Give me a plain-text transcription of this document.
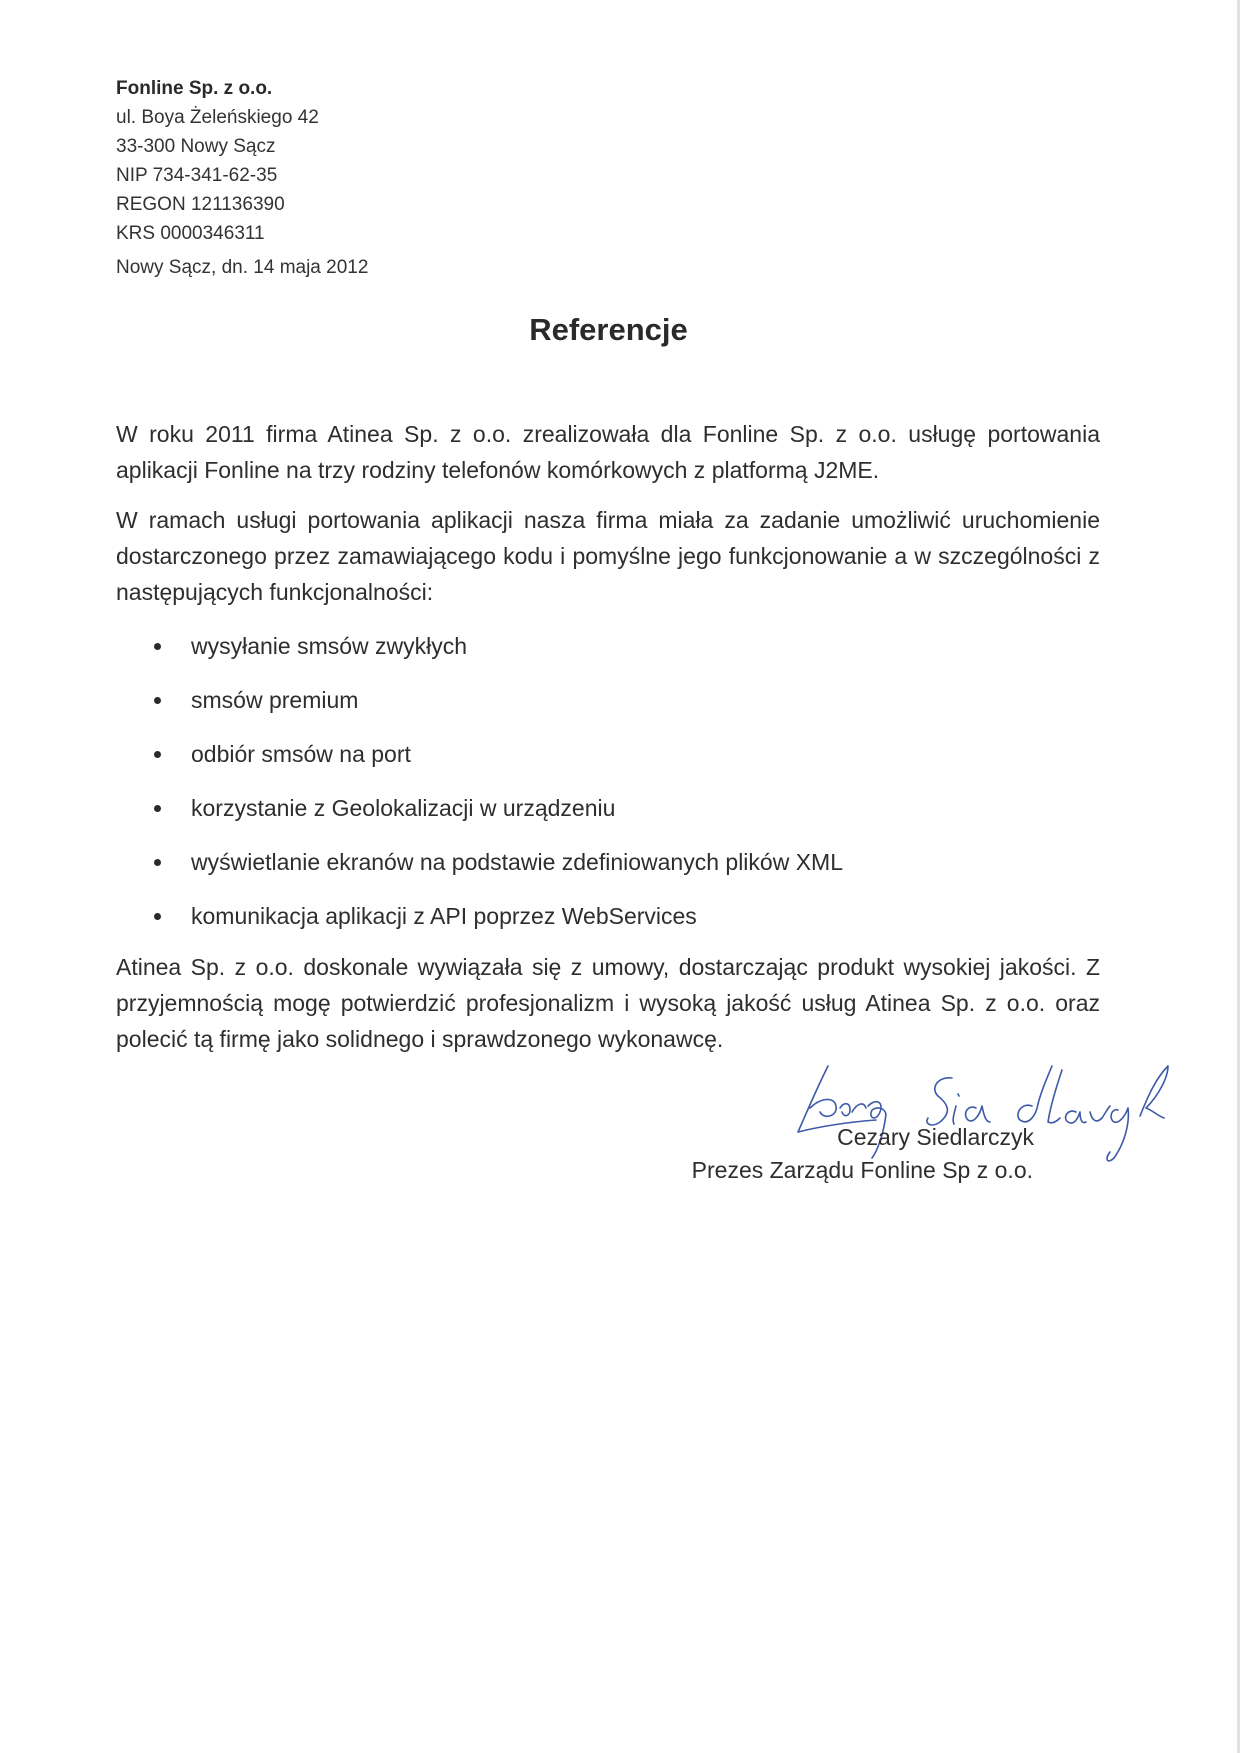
Fonline Sp. z o.o.
ul. Boya Żeleńskiego 42
33-300 Nowy Sącz
NIP 734-341-62-35
REGON 121136390
KRS 0000346311
Nowy Sącz, dn. 14 maja 2012
Referencje
W roku 2011 firma Atinea Sp. z o.o. zrealizowała dla Fonline Sp. z o.o. usługę portowania aplikacji Fonline na trzy rodziny telefonów komórkowych z platformą J2ME.
W ramach usługi portowania aplikacji nasza firma miała za zadanie umożliwić uruchomienie dostarczonego przez zamawiającego kodu i pomyślne jego funkcjonowanie a w szczególności z następujących funkcjonalności:
wysyłanie smsów zwykłych
smsów premium
odbiór smsów na port
korzystanie z Geolokalizacji w urządzeniu
wyświetlanie ekranów na podstawie zdefiniowanych plików XML
komunikacja aplikacji z API poprzez WebServices
Atinea Sp. z o.o. doskonale wywiązała się z umowy, dostarczając produkt wysokiej jakości. Z przyjemnością mogę potwierdzić profesjonalizm i wysoką jakość usług Atinea Sp. z o.o. oraz polecić tą firmę jako solidnego i sprawdzonego wykonawcę.
Cezary Siedlarczyk
Prezes Zarządu Fonline Sp z o.o.
